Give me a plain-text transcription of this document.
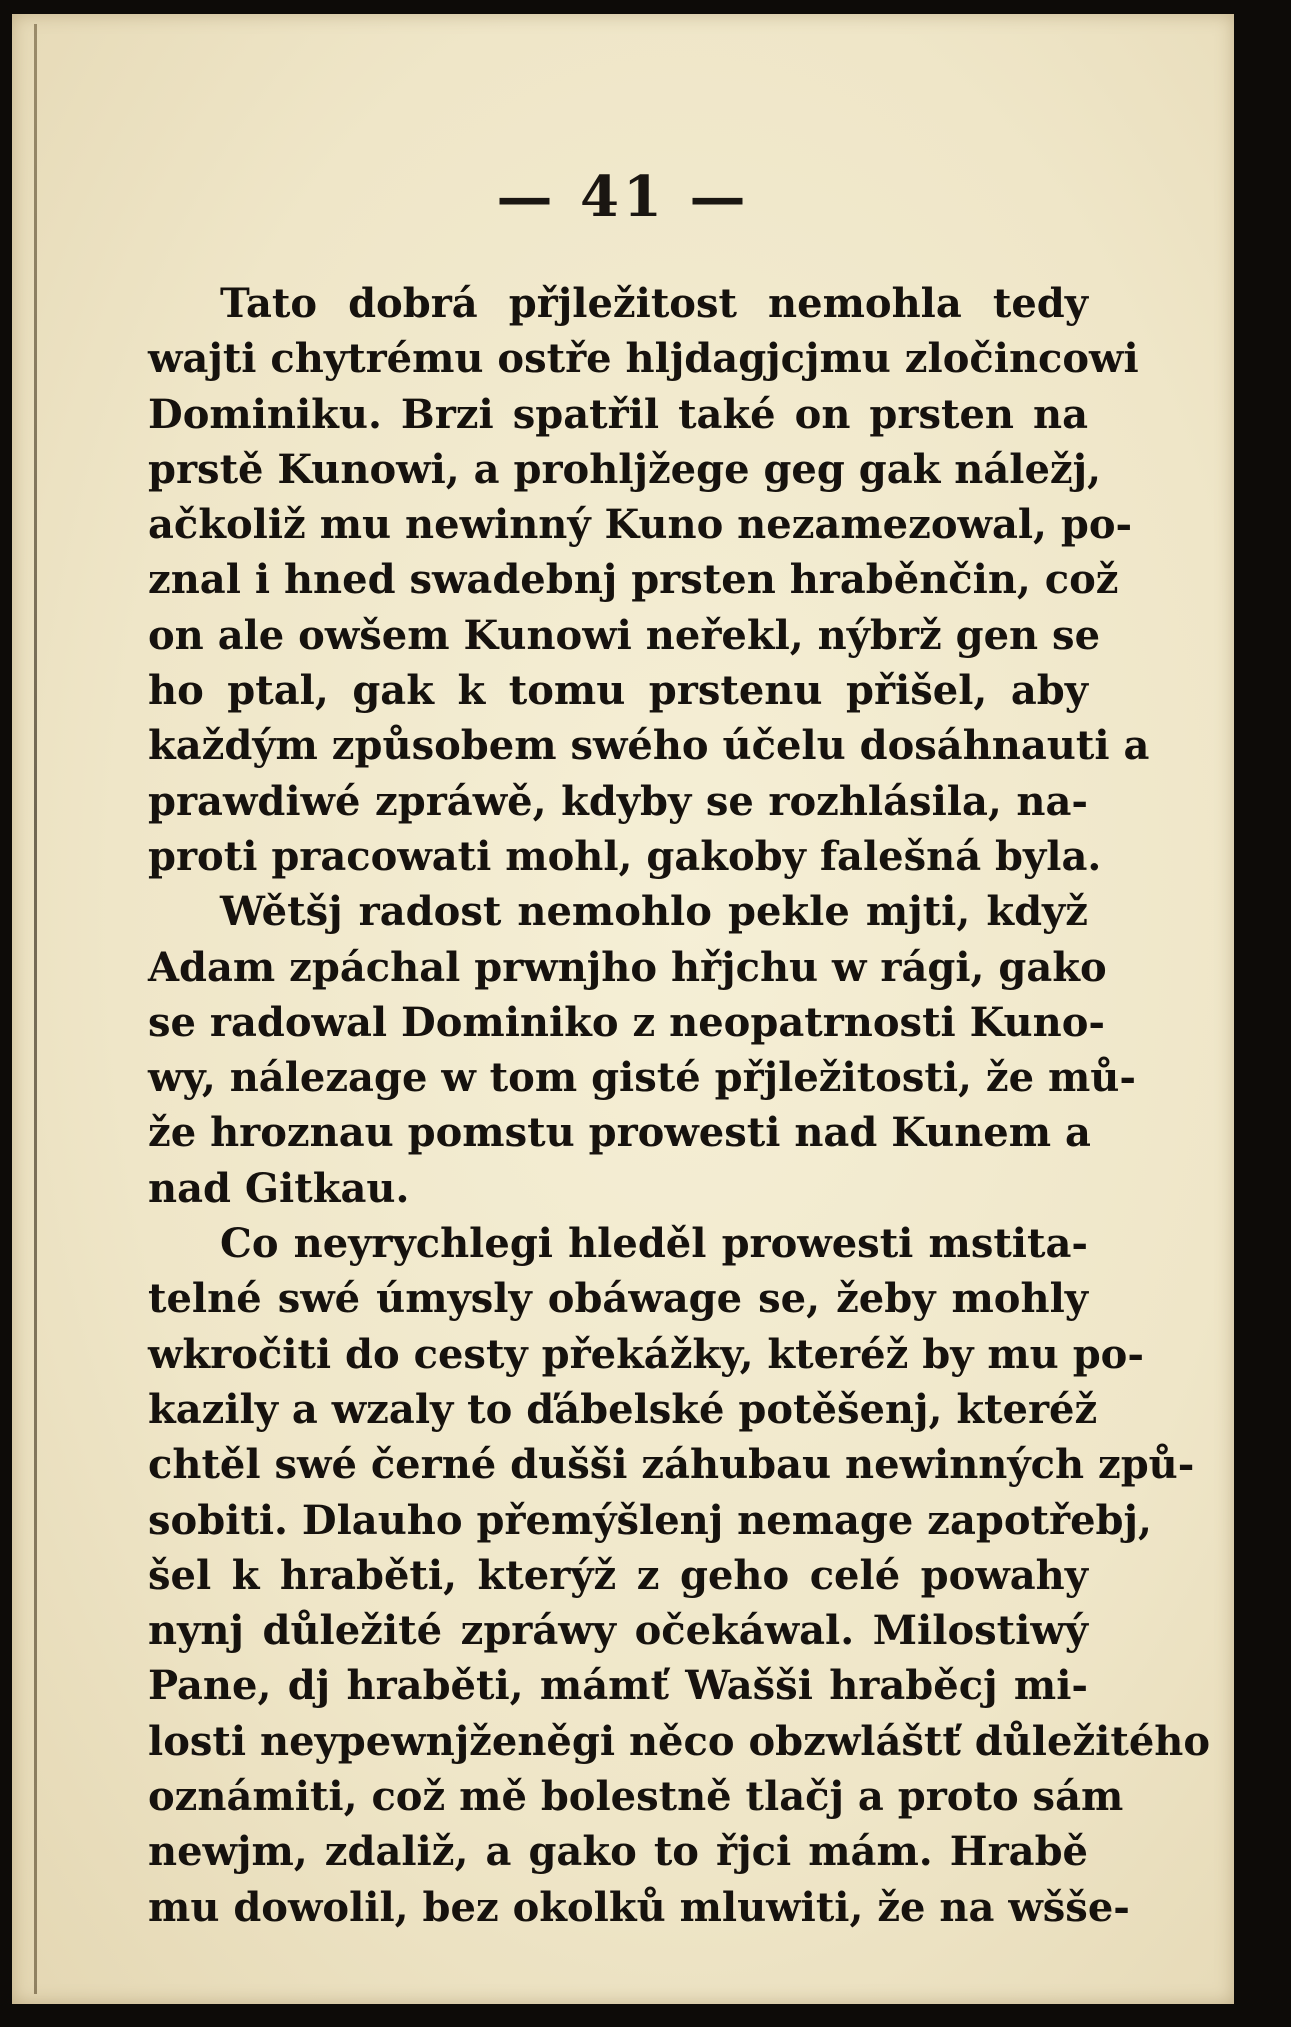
— 41 —
Tato dobrá přjležitost nemohla tedy
wajti chytrému ostře hljdagjcjmu zločincowi
Dominiku. Brzi spatřil také on prsten na
prstě Kunowi, a prohljžege geg gak náležj,
ačkoliž mu newinný Kuno nezamezowal, po-
znal i hned swadebnj prsten hraběnčin, což
on ale owšem Kunowi neřekl, nýbrž gen se
ho ptal, gak k tomu prstenu přišel, aby
každým způsobem swého účelu dosáhnauti a
prawdiwé zpráwě, kdyby se rozhlásila, na-
proti pracowati mohl, gakoby falešná byla.
Wětšj radost nemohlo pekle mjti, když
Adam zpáchal prwnjho hřjchu w rági, gako
se radowal Dominiko z neopatrnosti Kuno-
wy, nálezage w tom gisté přjležitosti, že mů-
že hroznau pomstu prowesti nad Kunem a
nad Gitkau.
Co neyrychlegi hleděl prowesti mstita-
telné swé úmysly obáwage se, žeby mohly
wkročiti do cesty překážky, kteréž by mu po-
kazily a wzaly to ďábelské potěšenj, kteréž
chtěl swé černé dušši záhubau newinných způ-
sobiti. Dlauho přemýšlenj nemage zapotřebj,
šel k hraběti, kterýž z geho celé powahy
nynj důležité zpráwy očekáwal. Milostiwý
Pane, dj hraběti, mámť Wašši hraběcj mi-
losti neypewnjženěgi něco obzwláštť důležitého
oznámiti, což mě bolestně tlačj a proto sám
newjm, zdaliž, a gako to řjci mám. Hrabě
mu dowolil, bez okolků mluwiti, že na wšše-
